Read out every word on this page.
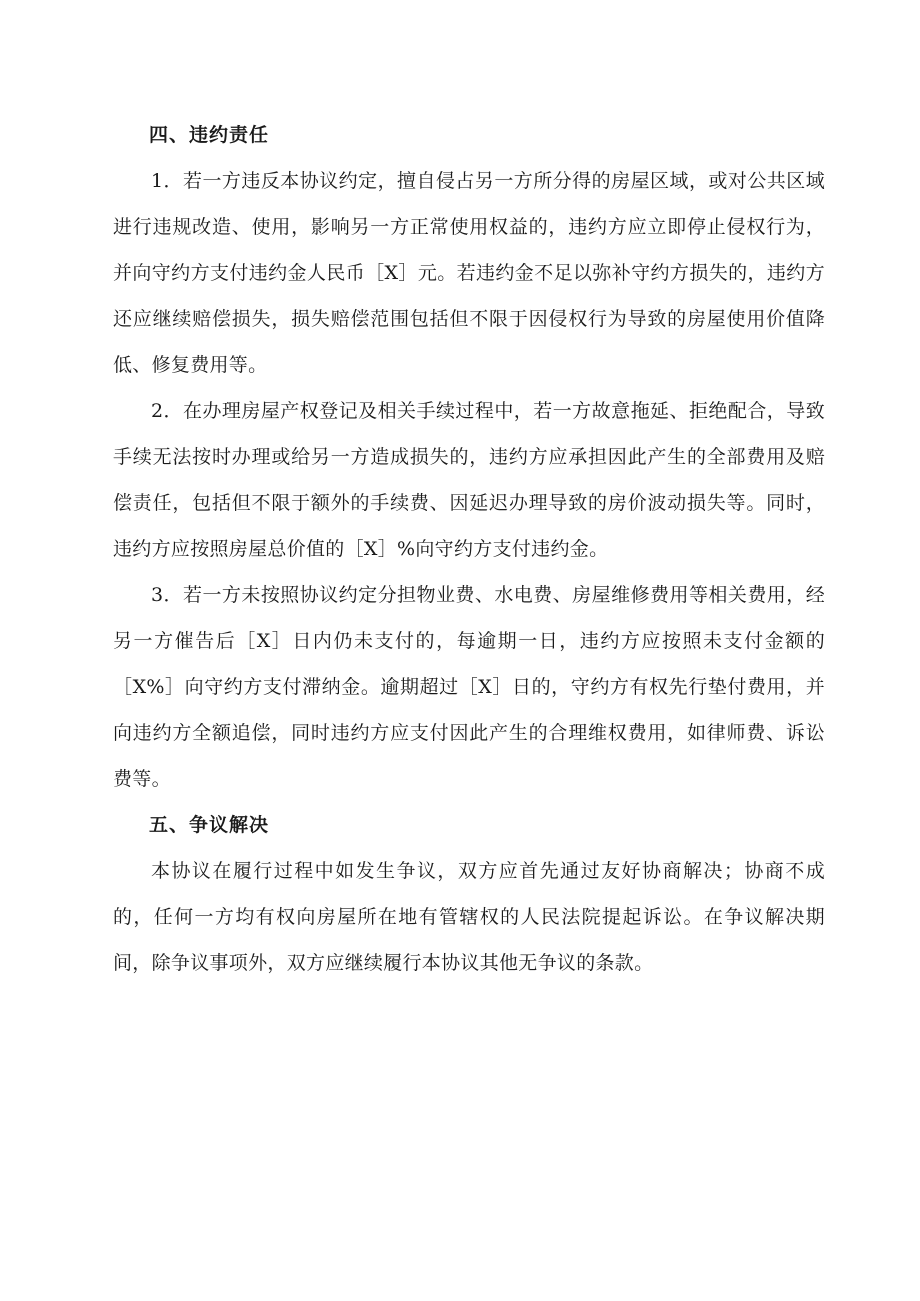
四、违约责任

1．若一方违反本协议约定，擅自侵占另一方所分得的房屋区域，或对公共区域进行违规改造、使用，影响另一方正常使用权益的，违约方应立即停止侵权行为，并向守约方支付违约金人民币［X］元。若违约金不足以弥补守约方损失的，违约方还应继续赔偿损失，损失赔偿范围包括但不限于因侵权行为导致的房屋使用价值降低、修复费用等。

2．在办理房屋产权登记及相关手续过程中，若一方故意拖延、拒绝配合，导致手续无法按时办理或给另一方造成损失的，违约方应承担因此产生的全部费用及赔偿责任，包括但不限于额外的手续费、因延迟办理导致的房价波动损失等。同时，违约方应按照房屋总价值的［X］%向守约方支付违约金。

3．若一方未按照协议约定分担物业费、水电费、房屋维修费用等相关费用，经另一方催告后［X］日内仍未支付的，每逾期一日，违约方应按照未支付金额的［X%］向守约方支付滞纳金。逾期超过［X］日的，守约方有权先行垫付费用，并向违约方全额追偿，同时违约方应支付因此产生的合理维权费用，如律师费、诉讼费等。

五、争议解决

本协议在履行过程中如发生争议，双方应首先通过友好协商解决；协商不成的，任何一方均有权向房屋所在地有管辖权的人民法院提起诉讼。在争议解决期间，除争议事项外，双方应继续履行本协议其他无争议的条款。
